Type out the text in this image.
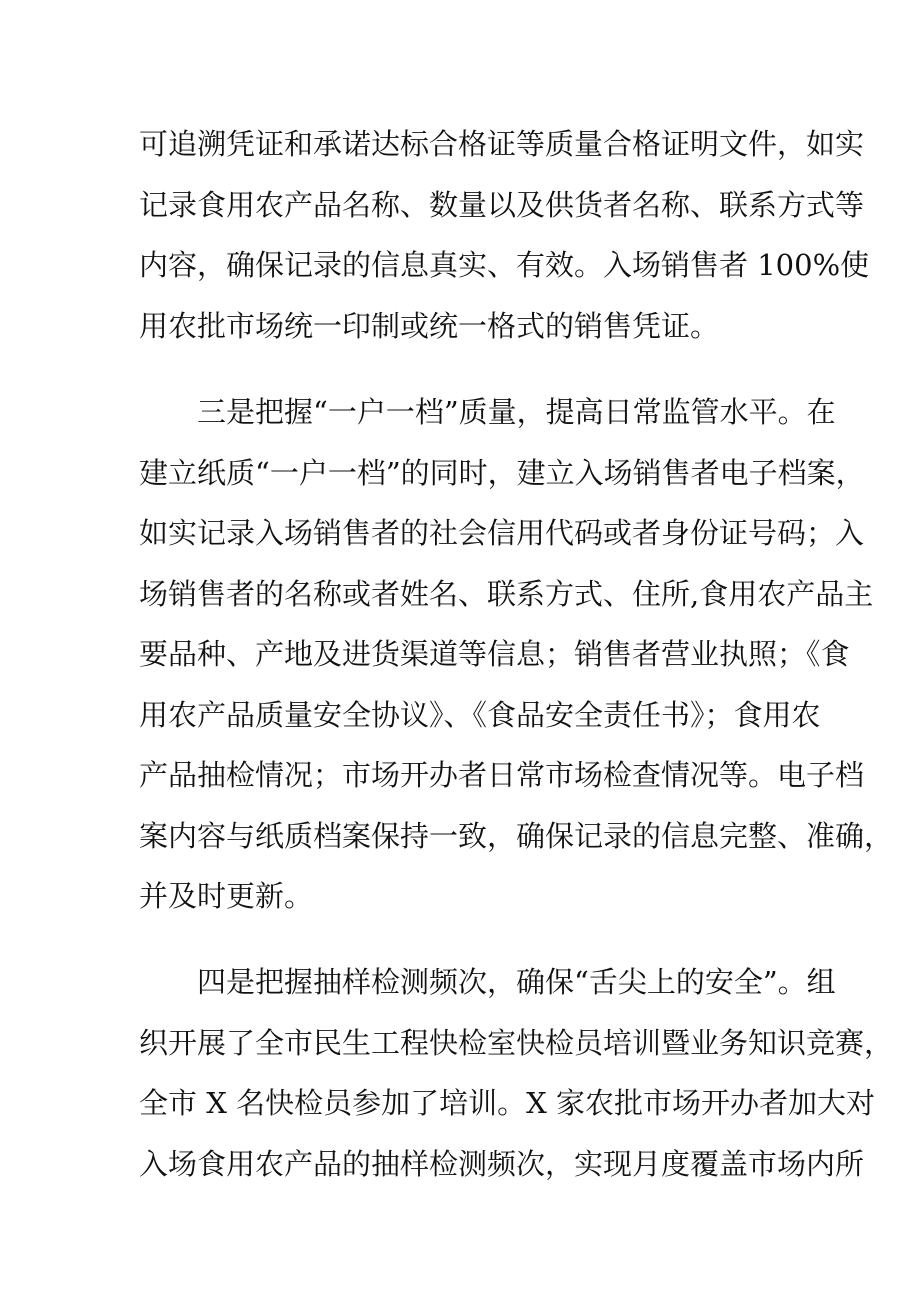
可追溯凭证和承诺达标合格证等质量合格证明文件，如实
记录食用农产品名称、数量以及供货者名称、联系方式等
内容，确保记录的信息真实、有效。入场销售者 100%使
用农批市场统一印制或统一格式的销售凭证。
三是把握“一户一档”质量，提高日常监管水平。在
建立纸质“一户一档”的同时，建立入场销售者电子档案，
如实记录入场销售者的社会信用代码或者身份证号码；入
场销售者的名称或者姓名、联系方式、住所,食用农产品主
要品种、产地及进货渠道等信息；销售者营业执照；《食
用农产品质量安全协议》、《食品安全责任书》；食用农
产品抽检情况；市场开办者日常市场检查情况等。电子档
案内容与纸质档案保持一致，确保记录的信息完整、准确，
并及时更新。
四是把握抽样检测频次，确保“舌尖上的安全”。组
织开展了全市民生工程快检室快检员培训暨业务知识竞赛，
全市 X 名快检员参加了培训。X 家农批市场开办者加大对
入场食用农产品的抽样检测频次，实现月度覆盖市场内所
